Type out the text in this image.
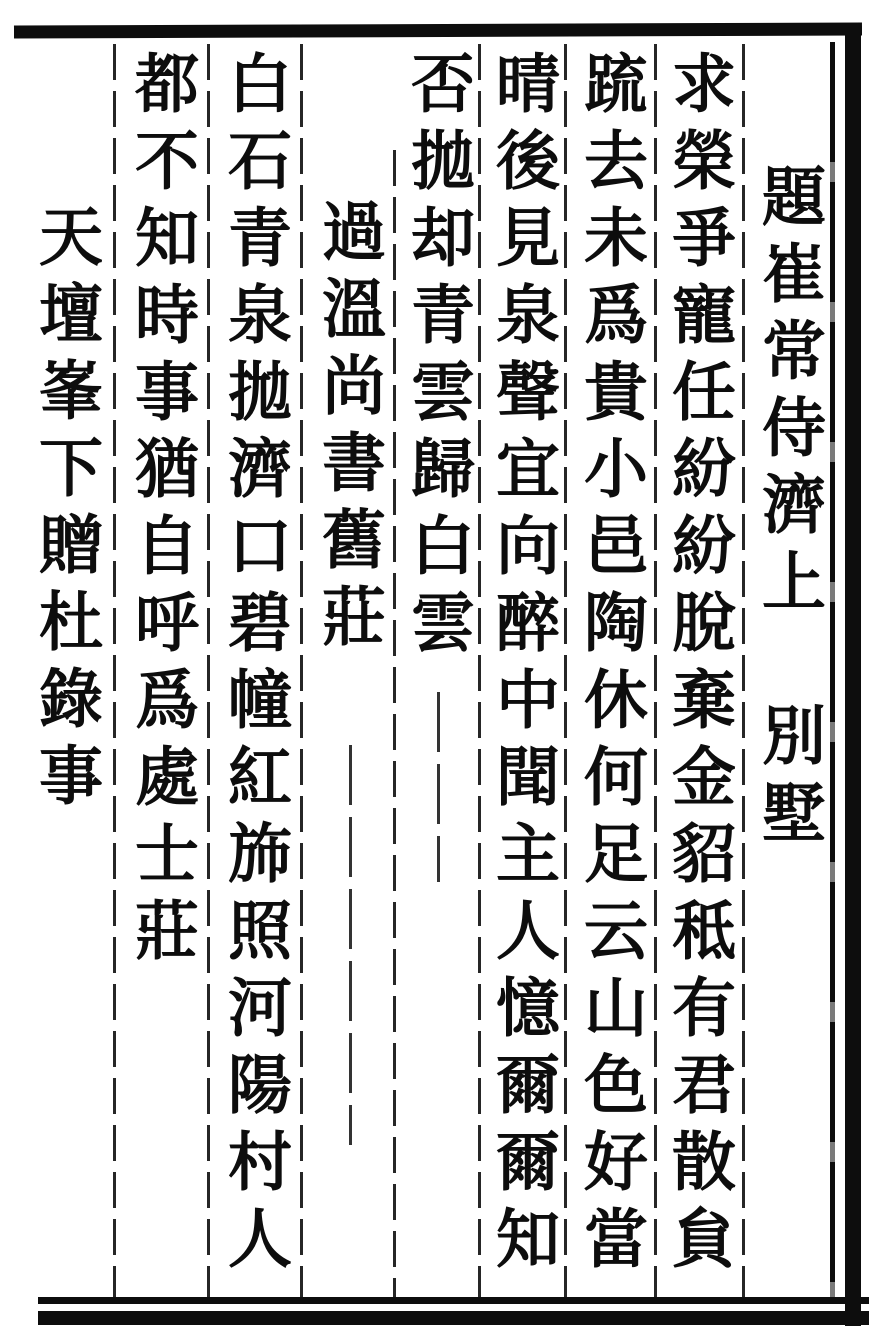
題崔常侍濟上　別墅
求榮爭寵任紛紛脫棄金貂秪有君散貟
䟽去未爲貴小邑陶休何足云山色好當
晴後見泉聲宜向醉中聞主人憶爾爾知
否拋却青雲歸白雲
過溫尚書舊莊
白石青泉拋濟口碧幢紅斾照河陽村人
都不知時事猶自呼爲處士莊
天壇峯下贈杜錄事
